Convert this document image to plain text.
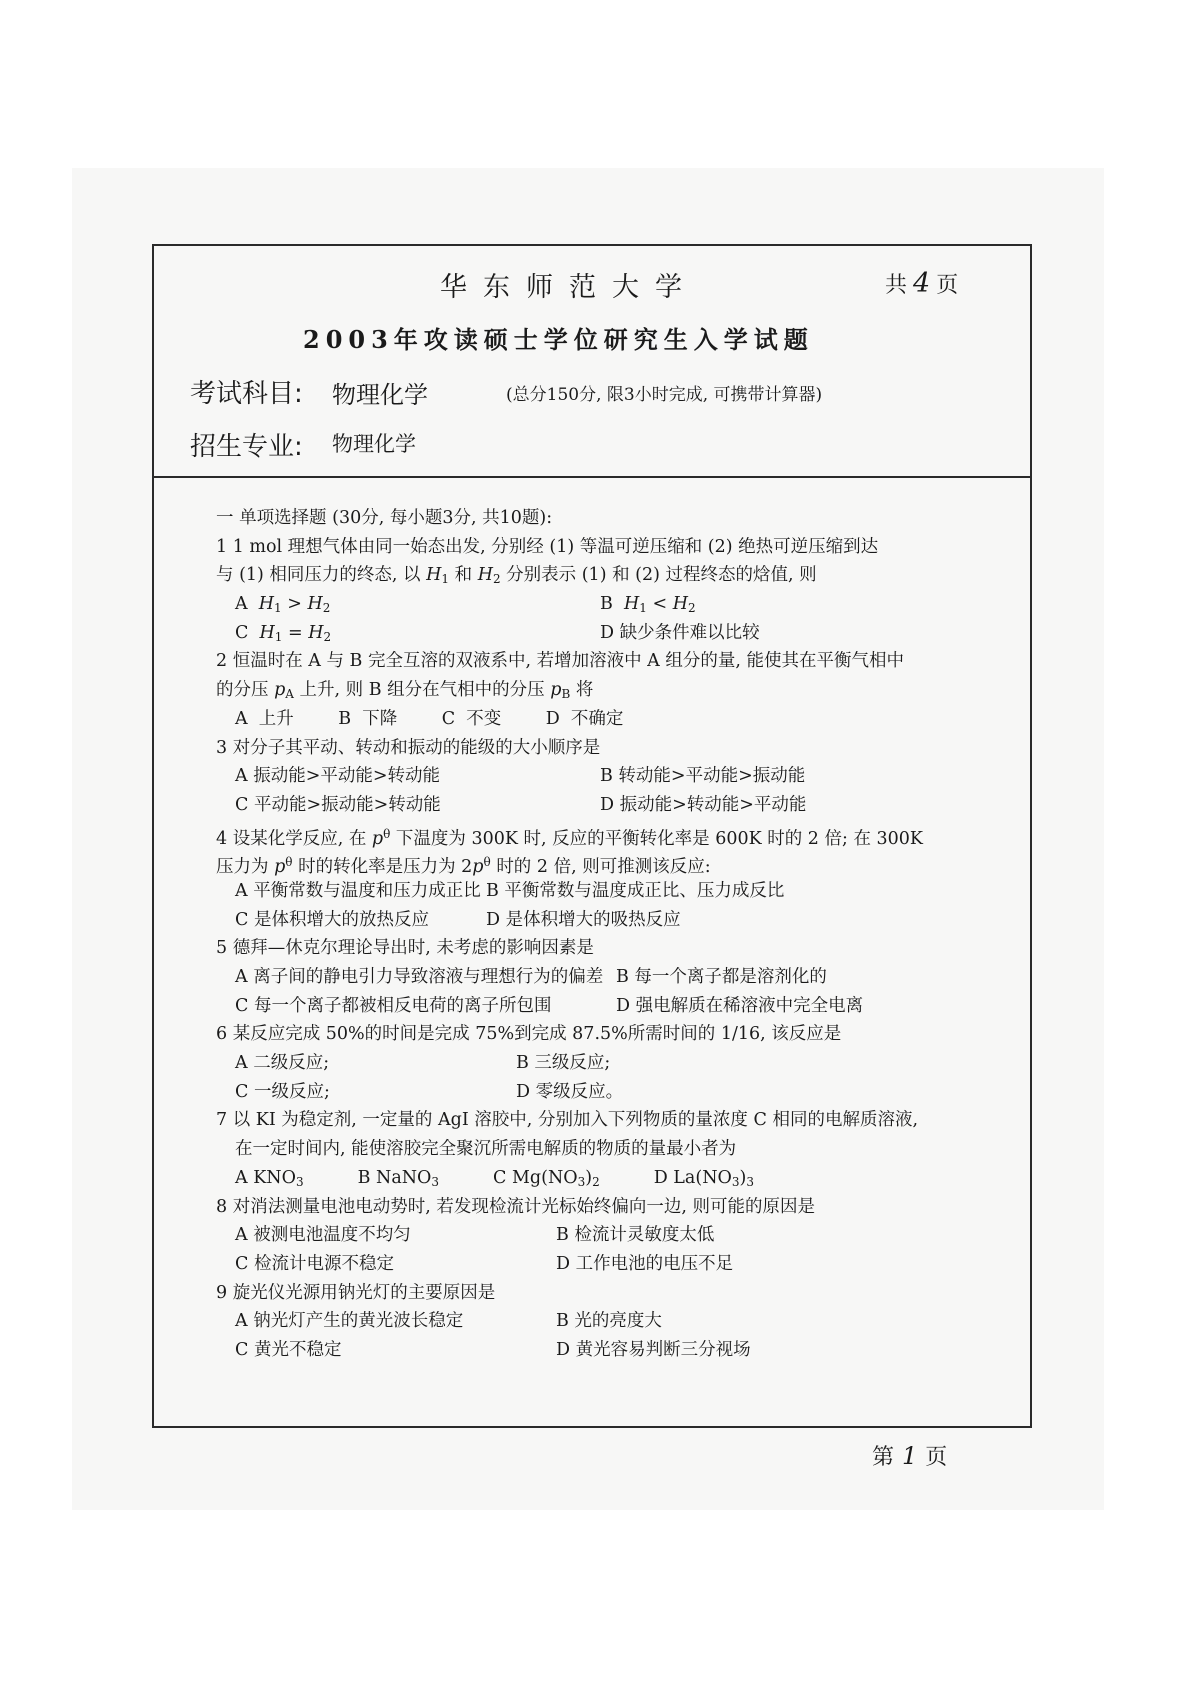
华东师范大学	共 4 页
2003年攻读硕士学位研究生入学试题
考试科目: 物理化学	(总分150分, 限3小时完成, 可携带计算器)
招生专业: 物理化学
一 单项选择题 (30分, 每小题3分, 共10题):
1 1 mol 理想气体由同一始态出发, 分别经 (1) 等温可逆压缩和 (2) 绝热可逆压缩到达
与 (1) 相同压力的终态, 以 $H_1$ 和 $H_2$ 分别表示 (1) 和 (2) 过程终态的焓值, 则
A $H_1 > H_2$	B $H_1 < H_2$
C $H_1 = H_2$	D 缺少条件难以比较
2 恒温时在 A 与 B 完全互溶的双液系中, 若增加溶液中 A 组分的量, 能使其在平衡气相中
的分压 $p_A$ 上升, 则 B 组分在气相中的分压 $p_B$ 将
A  上升        B  下降        C  不变        D  不确定
3 对分子其平动、转动和振动的能级的大小顺序是
A 振动能>平动能>转动能	B 转动能>平动能>振动能
C 平动能>振动能>转动能	D 振动能>转动能>平动能
4 设某化学反应, 在 $p^\theta$ 下温度为 300K 时, 反应的平衡转化率是 600K 时的 2 倍; 在 300K
压力为 $p^\theta$ 时的转化率是压力为 $2p^\theta$ 时的 2 倍, 则可推测该反应:
A 平衡常数与温度和压力成正比 B 平衡常数与温度成正比、压力成反比
C 是体积增大的放热反应	D 是体积增大的吸热反应
5 德拜—休克尔理论导出时, 未考虑的影响因素是
A 离子间的静电引力导致溶液与理想行为的偏差 B 每一个离子都是溶剂化的
C 每一个离子都被相反电荷的离子所包围	D 强电解质在稀溶液中完全电离
6 某反应完成 50%的时间是完成 75%到完成 87.5%所需时间的 1/16, 该反应是
A 二级反应;	B 三级反应;
C 一级反应;	D 零级反应。
7 以 KI 为稳定剂, 一定量的 AgI 溶胶中, 分别加入下列物质的量浓度 C 相同的电解质溶液,
在一定时间内, 能使溶胶完全聚沉所需电解质的物质的量最小者为
A $KNO_3$	B NaNO$_3$	C $Mg(NO_3)_2$	D $La(NO_3)_3$
8 对消法测量电池电动势时, 若发现检流计光标始终偏向一边, 则可能的原因是
A 被测电池温度不均匀	B 检流计灵敏度太低
C 检流计电源不稳定	D 工作电池的电压不足
9 旋光仪光源用钠光灯的主要原因是
A 钠光灯产生的黄光波长稳定	B 光的亮度大
C 黄光不稳定	D 黄光容易判断三分视场
第 1 页
